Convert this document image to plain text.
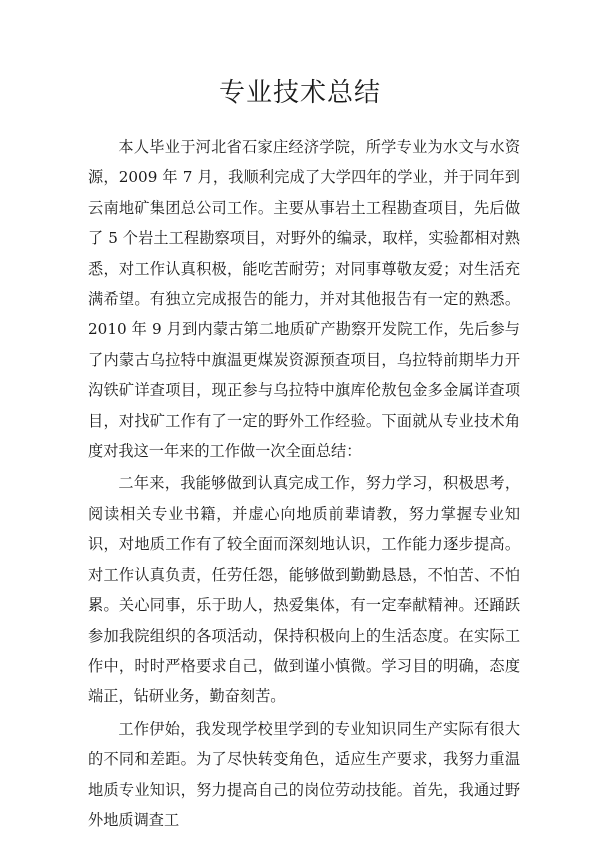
专业技术总结

本人毕业于河北省石家庄经济学院，所学专业为水文与水资源，2009 年 7 月，我顺利完成了大学四年的学业，并于同年到云南地矿集团总公司工作。主要从事岩土工程勘查项目，先后做了 5 个岩土工程勘察项目，对野外的编录，取样，实验都相对熟悉，对工作认真积极，能吃苦耐劳；对同事尊敬友爱；对生活充满希望。有独立完成报告的能力，并对其他报告有一定的熟悉。2010 年 9 月到内蒙古第二地质矿产勘察开发院工作，先后参与了内蒙古乌拉特中旗温更煤炭资源预查项目，乌拉特前期毕力开沟铁矿详查项目，现正参与乌拉特中旗库伦敖包金多金属详查项目，对找矿工作有了一定的野外工作经验。下面就从专业技术角度对我这一年来的工作做一次全面总结：

二年来，我能够做到认真完成工作，努力学习，积极思考，阅读相关专业书籍，并虚心向地质前辈请教，努力掌握专业知识，对地质工作有了较全面而深刻地认识，工作能力逐步提高。对工作认真负责，任劳任怨，能够做到勤勤恳恳，不怕苦、不怕累。关心同事，乐于助人，热爱集体，有一定奉献精神。还踊跃参加我院组织的各项活动，保持积极向上的生活态度。在实际工作中，时时严格要求自己，做到谨小慎微。学习目的明确，态度端正，钻研业务，勤奋刻苦。

工作伊始，我发现学校里学到的专业知识同生产实际有很大的不同和差距。为了尽快转变角色，适应生产要求，我努力重温地质专业知识，努力提高自己的岗位劳动技能。首先，我通过野外地质调查工
